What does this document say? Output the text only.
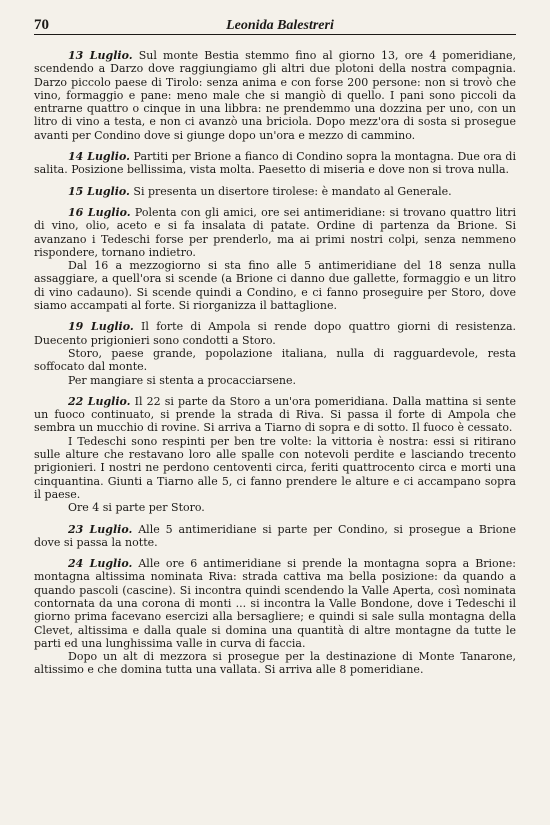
70	Leonida Balestreri

13 Luglio. Sul monte Bestia stemmo fino al giorno 13, ore 4 pomeridiane, scendendo a Darzo dove raggiungiamo gli altri due plotoni della nostra compagnia. Darzo piccolo paese di Tirolo: senza anima e con forse 200 persone: non si trovò che vino, formaggio e pane: meno male che si mangiò di quello. I pani sono piccoli da entrarne quattro o cinque in una libbra: ne prendemmo una dozzina per uno, con un litro di vino a testa, e non ci avanzò una briciola. Dopo mezz'ora di sosta si prosegue avanti per Condino dove si giunge dopo un'ora e mezzo di cammino.

14 Luglio. Partiti per Brione a fianco di Condino sopra la montagna. Due ora di salita. Posizione bellissima, vista molta. Paesetto di miseria e dove non si trova nulla.

15 Luglio. Si presenta un disertore tirolese: è mandato al Generale.

16 Luglio. Polenta con gli amici, ore sei antimeridiane: si trovano quattro litri di vino, olio, aceto e si fa insalata di patate. Ordine di partenza da Brione. Si avanzano i Tedeschi forse per prenderlo, ma ai primi nostri colpi, senza nemmeno rispondere, tornano indietro.

Dal 16 a mezzogiorno si sta fino alle 5 antimeridiane del 18 senza nulla assaggiare, a quell'ora si scende (a Brione ci danno due gallette, formaggio e un litro di vino cadauno). Si scende quindi a Condino, e ci fanno proseguire per Storo, dove siamo accampati al forte. Si riorganizza il battaglione.

19 Luglio. Il forte di Ampola si rende dopo quattro giorni di resistenza. Duecento prigionieri sono condotti a Storo.

Storo, paese grande, popolazione italiana, nulla di ragguardevole, resta soffocato dal monte.

Per mangiare si stenta a procacciarsene.

22 Luglio. Il 22 si parte da Storo a un'ora pomeridiana. Dalla mattina si sente un fuoco continuato, si prende la strada di Riva. Si passa il forte di Ampola che sembra un mucchio di rovine. Si arriva a Tiarno di sopra e di sotto. Il fuoco è cessato.

I Tedeschi sono respinti per ben tre volte: la vittoria è nostra: essi si ritirano sulle alture che restavano loro alle spalle con notevoli perdite e lasciando trecento prigionieri. I nostri ne perdono centoventi circa, feriti quattrocento circa e morti una cinquantina. Giunti a Tiarno alle 5, ci fanno prendere le alture e ci accampano sopra il paese.

Ore 4 si parte per Storo.

23 Luglio. Alle 5 antimeridiane si parte per Condino, si prosegue a Brione dove si passa la notte.

24 Luglio. Alle ore 6 antimeridiane si prende la montagna sopra a Brione: montagna altissima nominata Riva: strada cattiva ma bella posizione: da quando a quando pascoli (cascine). Si incontra quindi scendendo la Valle Aperta, così nominata contornata da una corona di monti ... si incontra la Valle Bondone, dove i Tedeschi il giorno prima facevano esercizi alla bersagliere; e quindi si sale sulla montagna della Clevet, altissima e dalla quale si domina una quantità di altre montagne da tutte le parti ed una lunghissima valle in curva di faccia.

Dopo un alt di mezzora si prosegue per la destinazione di Monte Tanarone, altissimo e che domina tutta una vallata. Si arriva alle 8 pomeridiane.
